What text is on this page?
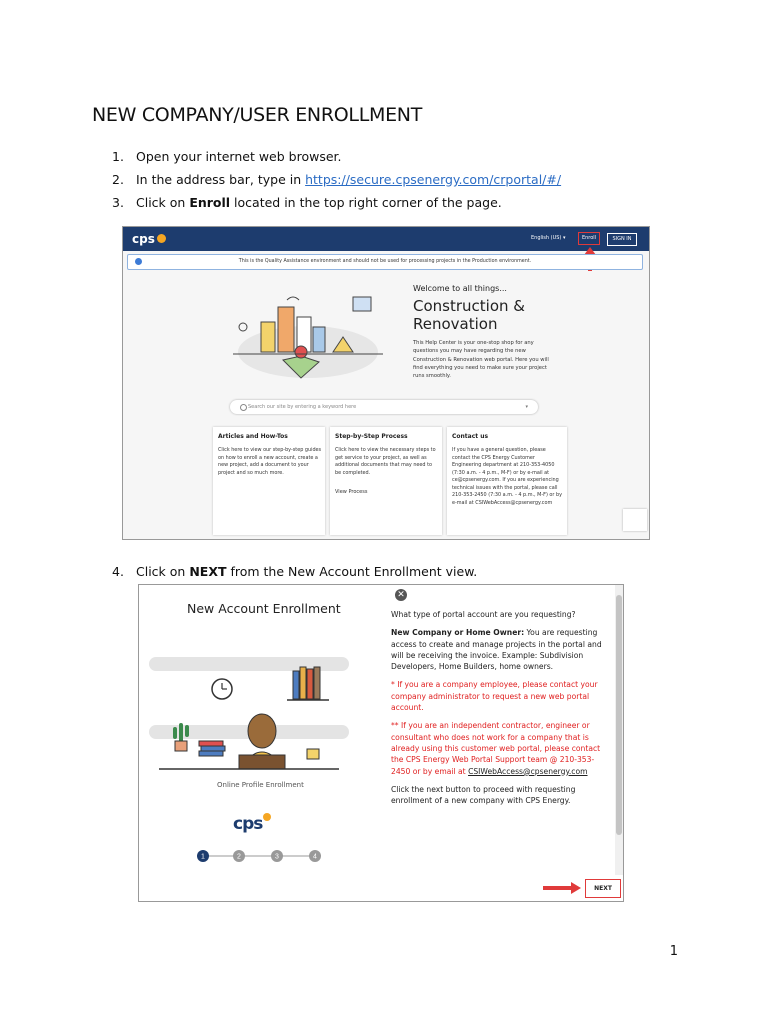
NEW COMPANY/USER ENROLLMENT
1. Open your internet web browser.
2. In the address bar, type in https://secure.cpsenergy.com/crportal/#/
3. Click on Enroll located in the top right corner of the page.
cps	English (US) ▾	Enroll	SIGN IN
This is the Quality Assistance environment and should not be used for processing projects in the Production environment.
Welcome to all things...
Construction &
Renovation
This Help Center is your one-stop shop for any questions you may have regarding the new Construction & Renovation web portal. Here you will find everything you need to make sure your project runs smoothly.
Search our site by entering a keyword here	▾
Articles and How-Tos
Click here to view our step-by-step guides on how to enroll a new account, create a new project, add a document to your project and so much more.
Step-by-Step Process
Click here to view the necessary steps to get service to your project, as well as additional documents that may need to be completed.
View Process
Contact us
If you have a general question, please contact the CPS Energy Customer Engineering department at 210-353-4050 (7:30 a.m. - 4 p.m., M-F) or by e-mail at ce@cpsenergy.com. If you are experiencing technical issues with the portal, please call 210-353-2450 (7:30 a.m. - 4 p.m., M-F) or by e-mail at CSIWebAccess@cpsenergy.com
4. Click on NEXT from the New Account Enrollment view.
New Account Enrollment
Online Profile Enrollment
cps
1	2	3	4
✕

What type of portal account are you requesting?

New Company or Home Owner: You are requesting access to create and manage projects in the portal and will be receiving the invoice. Example: Subdivision Developers, Home Builders, home owners.

* If you are a company employee, please contact your company administrator to request a new web portal account.

** If you are an independent contractor, engineer or consultant who does not work for a company that is already using this customer web portal, please contact the CPS Energy Web Portal Support team @ 210-353-2450 or by email at CSIWebAccess@cpsenergy.com

Click the next button to proceed with requesting enrollment of a new company with CPS Energy.

NEXT
1
